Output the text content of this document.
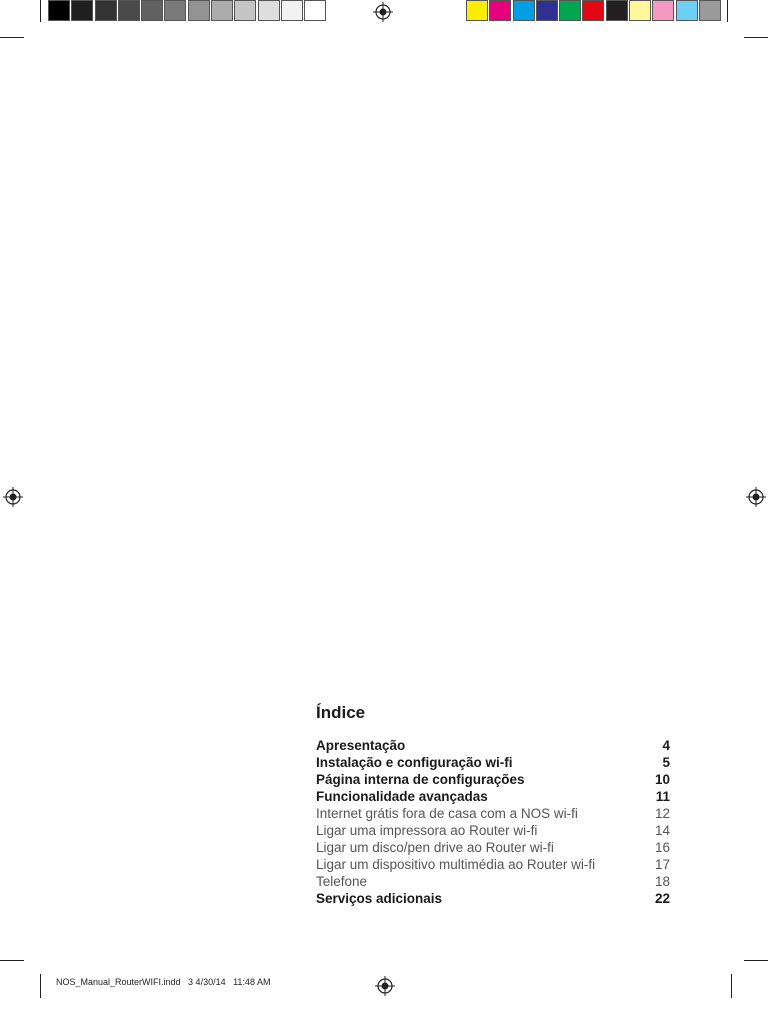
Índice
Apresentação	4
Instalação e configuração wi-fi	5
Página interna de configurações	10
Funcionalidade avançadas	11
Internet grátis fora de casa com a NOS wi-fi	12
Ligar uma impressora ao Router wi-fi	14
Ligar um disco/pen drive ao Router wi-fi	16
Ligar um dispositivo multimédia ao Router wi-fi	17
Telefone	18
Serviços adicionais	22
NOS_Manual_RouterWIFI.indd   3 4/30/14   11:48 AM
